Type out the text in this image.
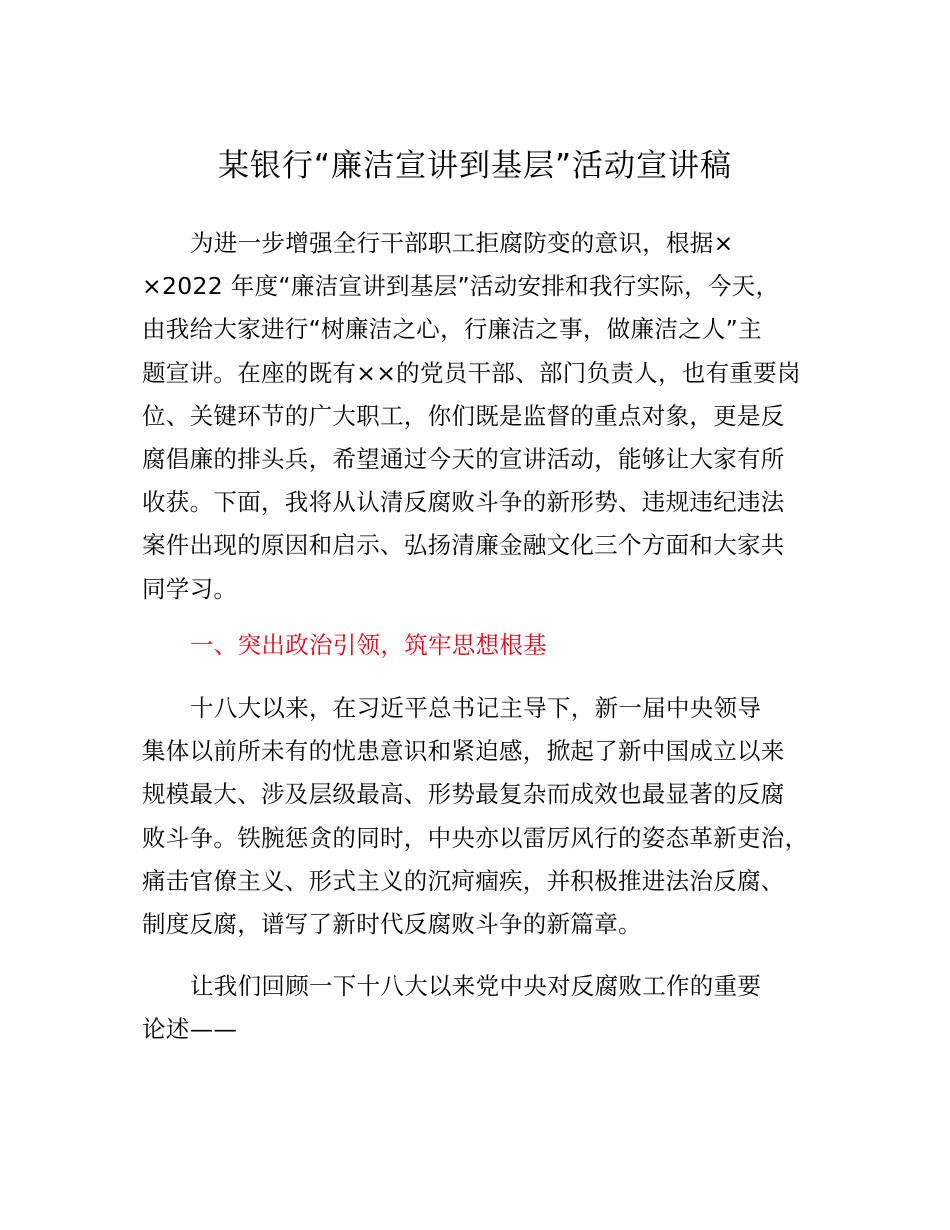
某银行“廉洁宣讲到基层”活动宣讲稿
为进一步增强全行干部职工拒腐防变的意识，根据×
×2022 年度“廉洁宣讲到基层”活动安排和我行实际，今天，
由我给大家进行“树廉洁之心，行廉洁之事，做廉洁之人”主
题宣讲。在座的既有××的党员干部、部门负责人，也有重要岗
位、关键环节的广大职工，你们既是监督的重点对象，更是反
腐倡廉的排头兵，希望通过今天的宣讲活动，能够让大家有所
收获。下面，我将从认清反腐败斗争的新形势、违规违纪违法
案件出现的原因和启示、弘扬清廉金融文化三个方面和大家共
同学习。
一、突出政治引领，筑牢思想根基
十八大以来，在习近平总书记主导下，新一届中央领导
集体以前所未有的忧患意识和紧迫感，掀起了新中国成立以来
规模最大、涉及层级最高、形势最复杂而成效也最显著的反腐
败斗争。铁腕惩贪的同时，中央亦以雷厉风行的姿态革新吏治，
痛击官僚主义、形式主义的沉疴痼疾，并积极推进法治反腐、
制度反腐，谱写了新时代反腐败斗争的新篇章。
让我们回顾一下十八大以来党中央对反腐败工作的重要
论述——
